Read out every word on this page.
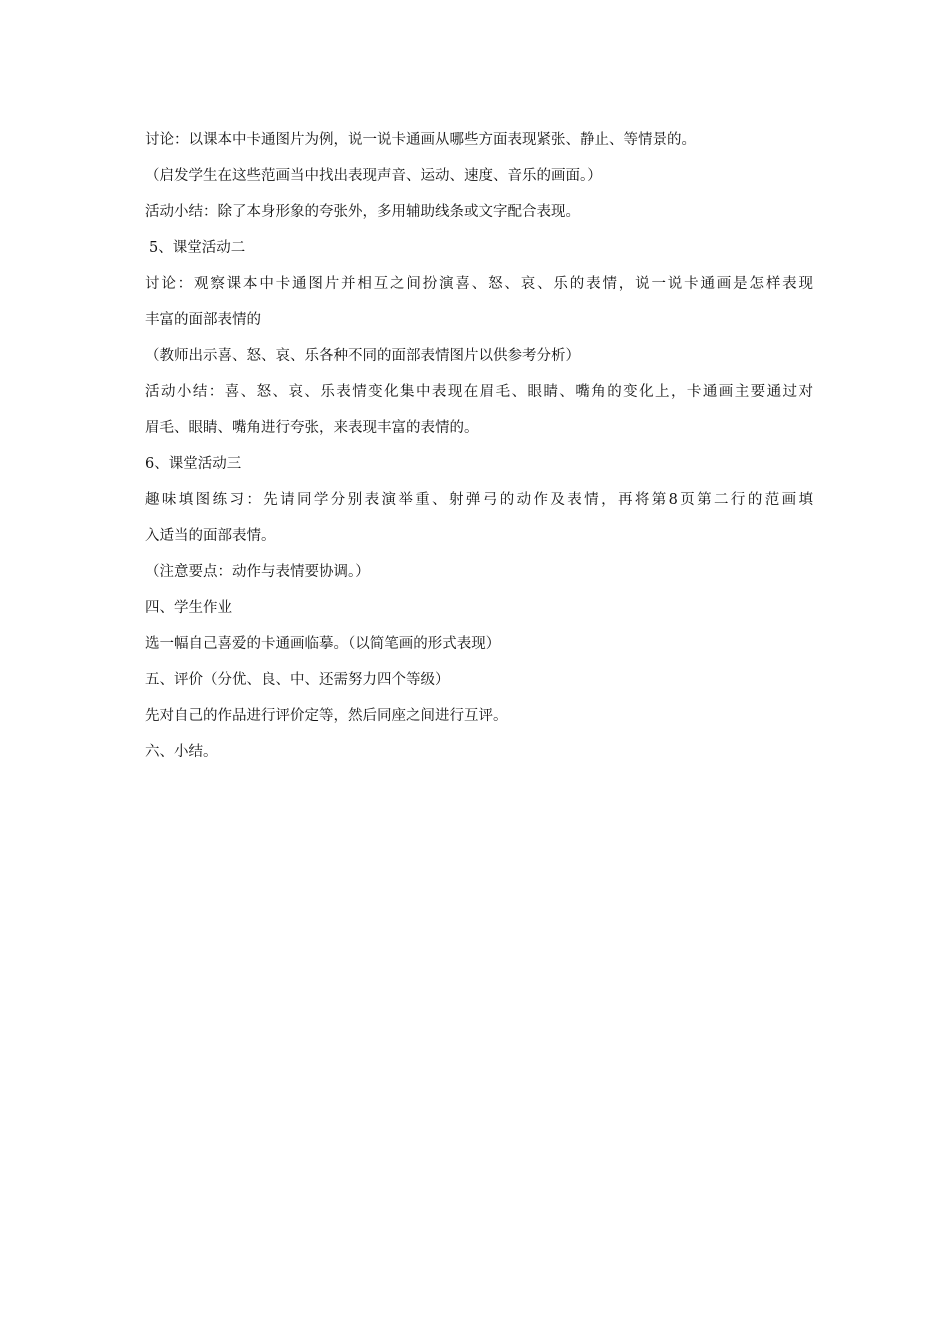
讨论：以课本中卡通图片为例，说一说卡通画从哪些方面表现紧张、静止、等情景的。
（启发学生在这些范画当中找出表现声音、运动、速度、音乐的画面。）
活动小结：除了本身形象的夸张外，多用辅助线条或文字配合表现。
5、课堂活动二
讨论：观察课本中卡通图片并相互之间扮演喜、怒、哀、乐的表情，说一说卡通画是怎样表现
丰富的面部表情的
（教师出示喜、怒、哀、乐各种不同的面部表情图片以供参考分析）
活动小结：喜、怒、哀、乐表情变化集中表现在眉毛、眼睛、嘴角的变化上，卡通画主要通过对
眉毛、眼睛、嘴角进行夸张，来表现丰富的表情的。
6、课堂活动三
趣味填图练习：先请同学分别表演举重、射弹弓的动作及表情，再将第8页第二行的范画填
入适当的面部表情。
（注意要点：动作与表情要协调。）
四、学生作业
选一幅自己喜爱的卡通画临摹。（以简笔画的形式表现）
五、评价（分优、良、中、还需努力四个等级）
先对自己的作品进行评价定等，然后同座之间进行互评。
六、小结。
